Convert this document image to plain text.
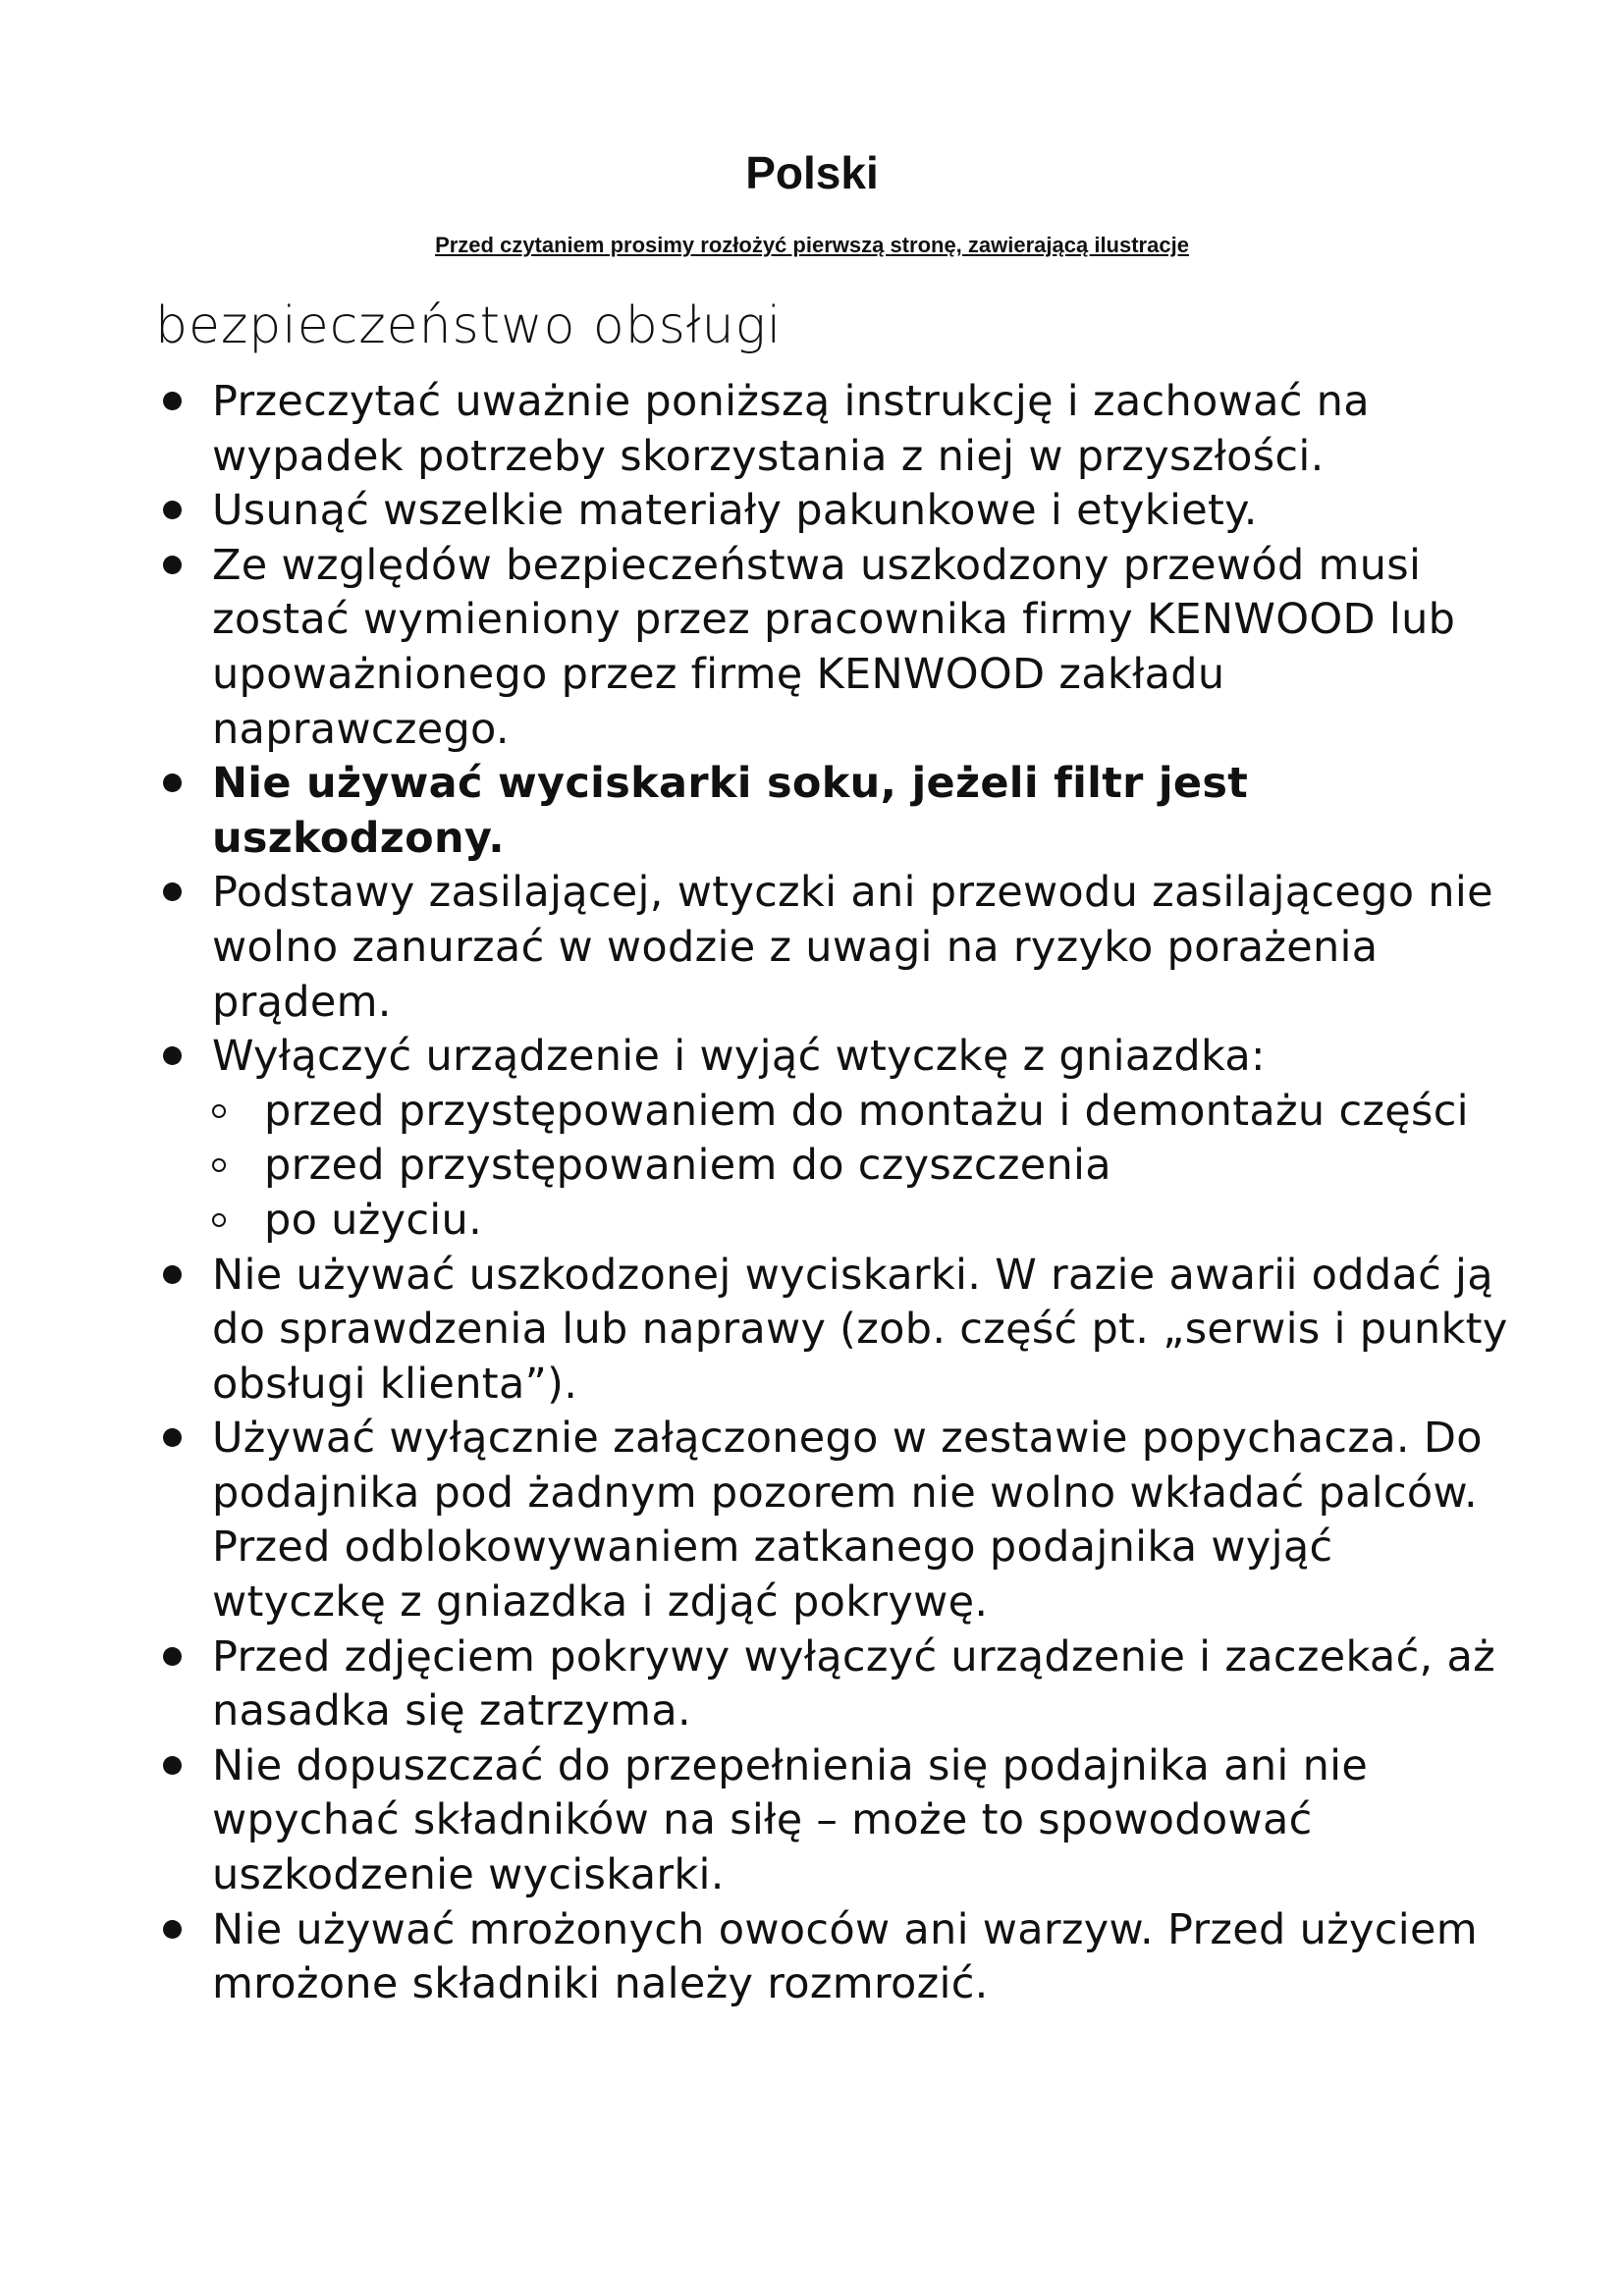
Polski

Przed czytaniem prosimy rozłożyć pierwszą stronę, zawierającą ilustracje

bezpieczeństwo obsługi
Przeczytać uważnie poniższą instrukcję i zachować na wypadek potrzeby skorzystania z niej w przyszłości.
Usunąć wszelkie materiały pakunkowe i etykiety.
Ze względów bezpieczeństwa uszkodzony przewód musi zostać wymieniony przez pracownika firmy KENWOOD lub upoważnionego przez firmę KENWOOD zakładu naprawczego.
Nie używać wyciskarki soku, jeżeli filtr jest uszkodzony.
Podstawy zasilającej, wtyczki ani przewodu zasilającego nie wolno zanurzać w wodzie z uwagi na ryzyko porażenia prądem.
Wyłączyć urządzenie i wyjąć wtyczkę z gniazdka:
przed przystępowaniem do montażu i demontażu części
przed przystępowaniem do czyszczenia
po użyciu.
Nie używać uszkodzonej wyciskarki. W razie awarii oddać ją do sprawdzenia lub naprawy (zob. część pt. „serwis i punkty obsługi klienta”).
Używać wyłącznie załączonego w zestawie popychacza. Do podajnika pod żadnym pozorem nie wolno wkładać palców. Przed odblokowywaniem zatkanego podajnika wyjąć wtyczkę z gniazdka i zdjąć pokrywę.
Przed zdjęciem pokrywy wyłączyć urządzenie i zaczekać, aż nasadka się zatrzyma.
Nie dopuszczać do przepełnienia się podajnika ani nie wpychać składników na siłę – może to spowodować uszkodzenie wyciskarki.
Nie używać mrożonych owoców ani warzyw. Przed użyciem mrożone składniki należy rozmrozić.
